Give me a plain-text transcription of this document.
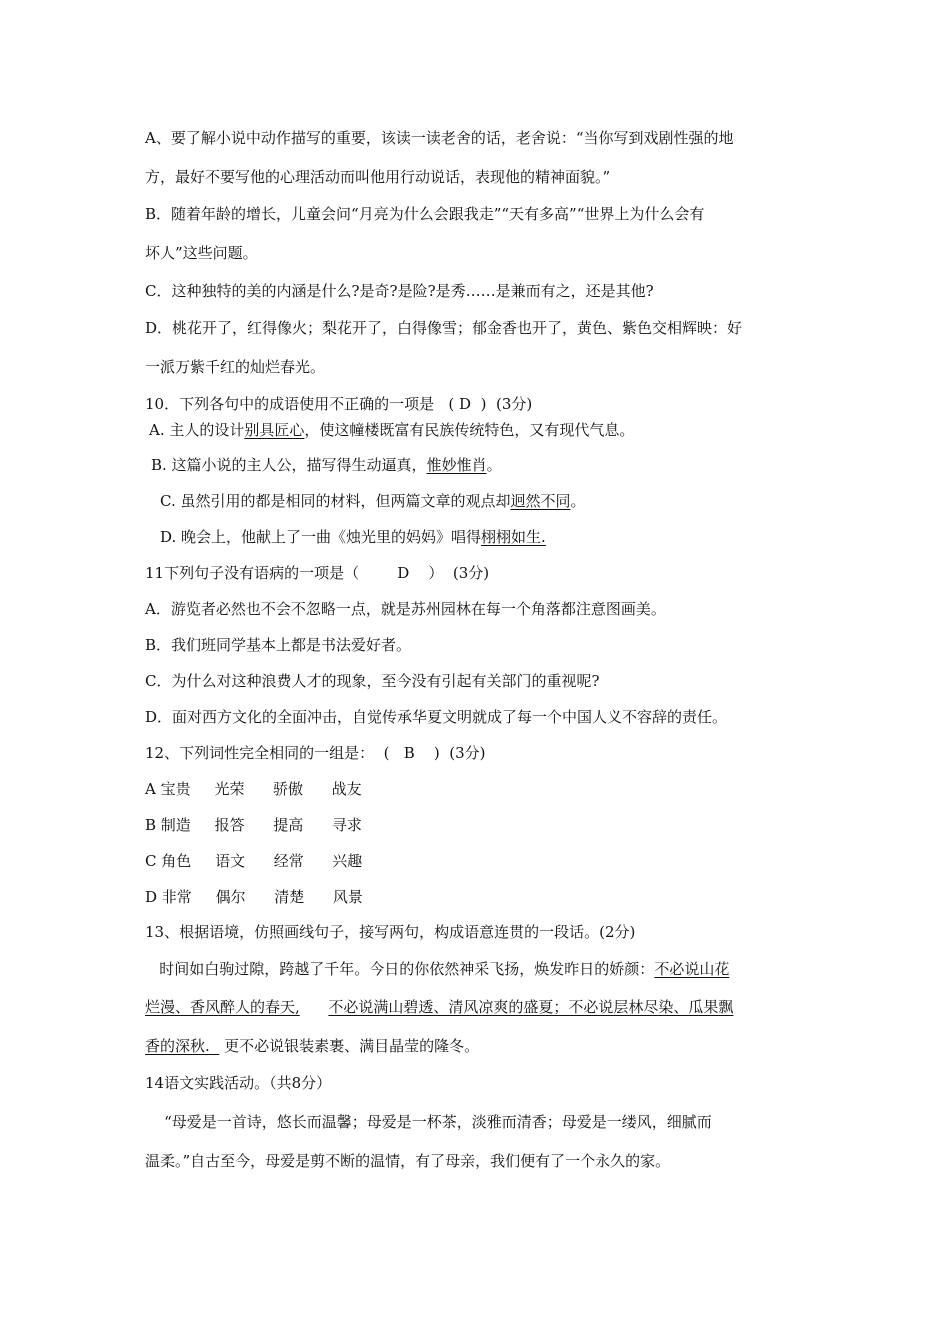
A、要了解小说中动作描写的重要，该读一读老舍的话，老舍说：“当你写到戏剧性强的地
方，最好不要写他的心理活动而叫他用行动说话，表现他的精神面貌。”
B．随着年龄的增长，儿童会问“月亮为什么会跟我走”“天有多高”“世界上为什么会有
坏人”这些问题。
C．这种独特的美的内涵是什么?是奇?是险?是秀……是兼而有之，还是其他?
D．桃花开了，红得像火；梨花开了，白得像雪；郁金香也开了，黄色、紫色交相辉映：好
一派万紫千红的灿烂春光。
10．下列各句中的成语使用不正确的一项是   ( D  )  (3分)
A. 主人的设计别具匠心，使这幢楼既富有民族传统特色，又有现代气息。
B. 这篇小说的主人公，描写得生动逼真，惟妙惟肖。
C. 虽然引用的都是相同的材料，但两篇文章的观点却迥然不同。
D. 晚会上，他献上了一曲《烛光里的妈妈》唱得栩栩如生.
11下列句子没有语病的一项是（        D    ）  (3分)
A．游览者必然也不会不忽略一点，就是苏州园林在每一个角落都注意图画美。
B．我们班同学基本上都是书法爱好者。
C．为什么对这种浪费人才的现象，至今没有引起有关部门的重视呢?
D．面对西方文化的全面冲击，自觉传承华夏文明就成了每一个中国人义不容辞的责任。
12、下列词性完全相同的一组是：  (   B    )  (3分)
A 宝贵     光荣      骄傲      战友
B 制造     报答      提高      寻求
C 角色     语文      经常      兴趣
D 非常     偶尔      清楚      风景
13、根据语境，仿照画线句子，接写两句，构成语意连贯的一段话。(2分)
时间如白驹过隙，跨越了千年。今日的你依然神采飞扬，焕发昨日的娇颜：不必说山花
烂漫、香风醉人的春天, 不必说满山碧透、清风凉爽的盛夏；不必说层林尽染、瓜果飘
香的深秋.   更不必说银装素裹、满目晶莹的隆冬。
14语文实践活动。（共8分）
“母爱是一首诗，悠长而温馨；母爱是一杯茶，淡雅而清香；母爱是一缕风，细腻而
温柔。”自古至今，母爱是剪不断的温情，有了母亲，我们便有了一个永久的家。
